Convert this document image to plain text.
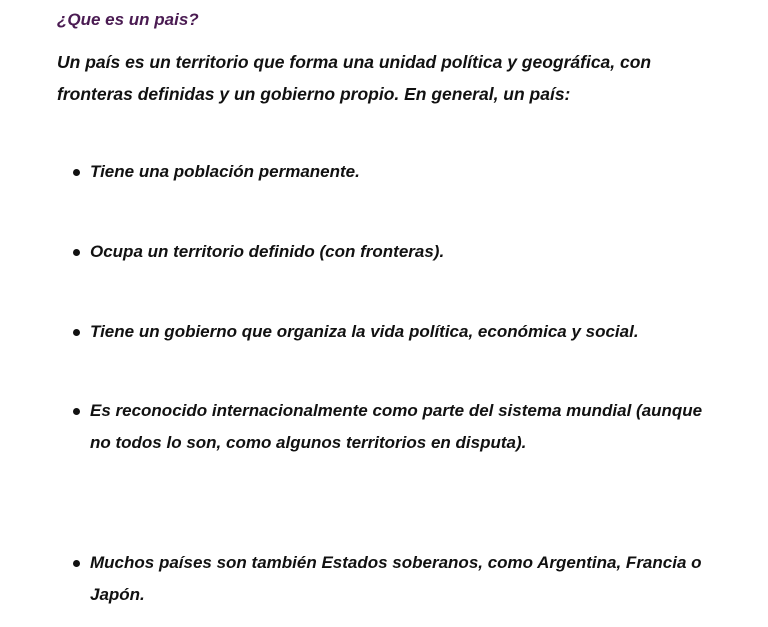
¿Que es un pais?

Un país es un territorio que forma una unidad política y geográfica, con fronteras definidas y un gobierno propio. En general, un país:

Tiene una población permanente.
Ocupa un territorio definido (con fronteras).
Tiene un gobierno que organiza la vida política, económica y social.
Es reconocido internacionalmente como parte del sistema mundial (aunque no todos lo son, como algunos territorios en disputa).
Muchos países son también Estados soberanos, como Argentina, Francia o Japón.
